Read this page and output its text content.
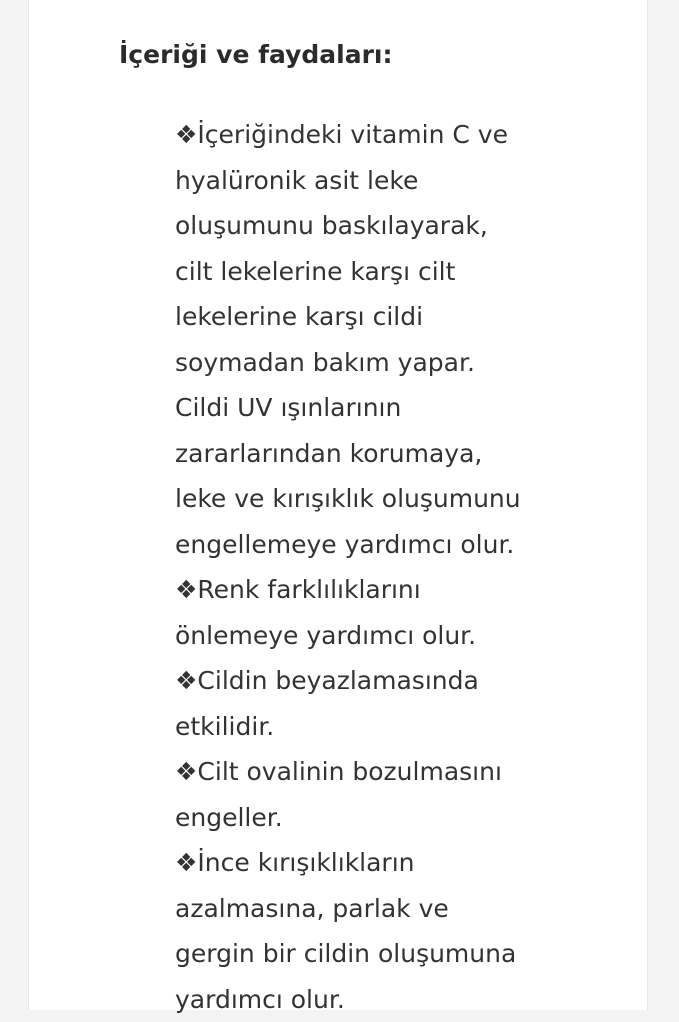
İçeriği ve faydaları:
❖İçeriğindeki vitamin C ve
hyalüronik asit leke
oluşumunu baskılayarak,
cilt lekelerine karşı cilt
lekelerine karşı cildi
soymadan bakım yapar.
Cildi UV ışınlarının
zararlarından korumaya,
leke ve kırışıklık oluşumunu
engellemeye yardımcı olur.
❖Renk farklılıklarını
önlemeye yardımcı olur.
❖Cildin beyazlamasında
etkilidir.
❖Cilt ovalinin bozulmasını
engeller.
❖İnce kırışıklıkların
azalmasına, parlak ve
gergin bir cildin oluşumuna
yardımcı olur.
